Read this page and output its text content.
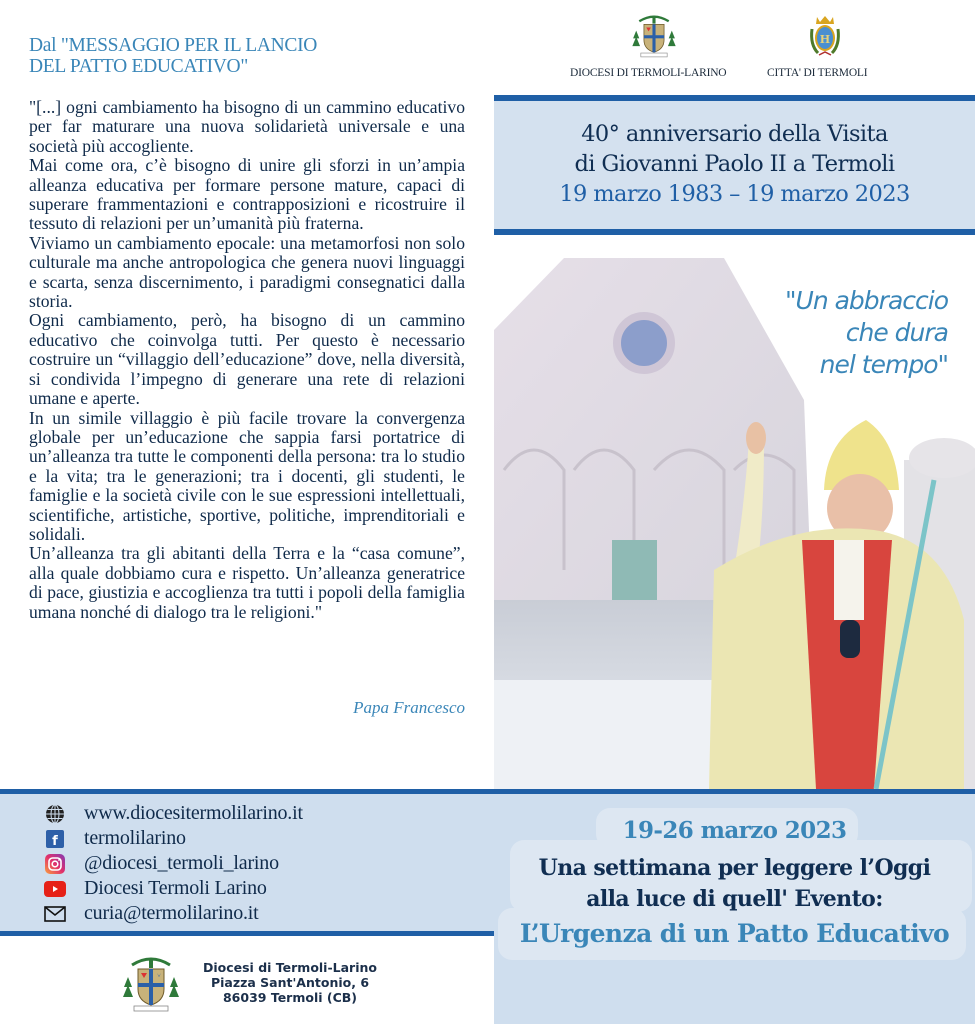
Dal "MESSAGGIO PER IL LANCIO
DEL PATTO EDUCATIVO"

"[...] ogni cambiamento ha bisogno di un cammino educativo per far maturare una nuova solidarietà universale e una società più accogliente.

Mai come ora, c’è bisogno di unire gli sforzi in un’ampia alleanza educativa per formare persone mature, capaci di superare frammentazioni e contrapposizioni e ricostruire il tessuto di relazioni per un’umanità più fraterna.

Viviamo un cambiamento epocale: una metamorfosi non solo culturale ma anche antropologica che genera nuovi linguaggi e scarta, senza discernimento, i paradigmi consegnatici dalla storia.

Ogni cambiamento, però, ha bisogno di un cammino educativo che coinvolga tutti. Per questo è necessario costruire un “villaggio dell’educazione” dove, nella diversità, si condivida l’impegno di generare una rete di relazioni umane e aperte.

In un simile villaggio è più facile trovare la convergenza globale per un’educazione che sappia farsi portatrice di un’alleanza tra tutte le componenti della persona: tra lo studio e la vita; tra le generazioni; tra i docenti, gli studenti, le famiglie e la società civile con le sue espressioni intellettuali, scientifiche, artistiche, sportive, politiche, imprenditoriali e solidali.

Un’alleanza tra gli abitanti della Terra e la “casa comune”, alla quale dobbiamo cura e rispetto. Un’alleanza generatrice di pace, giustizia e accoglienza tra tutti i popoli della famiglia umana nonché di dialogo tra le religioni."

Papa Francesco
www.diocesitermolilarino.it
f termolilarino
@diocesi_termoli_larino
Diocesi Termoli Larino
curia@termolilarino.it
Diocesi di Termoli-Larino
Piazza Sant'Antonio, 6
86039 Termoli (CB)
DIOCESI DI TERMOLI-LARINO
H
CITTA' DI TERMOLI
40° anniversario della Visita
di Giovanni Paolo II a Termoli
19 marzo 1983 – 19 marzo 2023
"Un abbraccio
che dura
nel tempo"
19-26 marzo 2023
Una settimana per leggere l’Oggi
alla luce di quell' Evento:
L’Urgenza di un Patto Educativo
